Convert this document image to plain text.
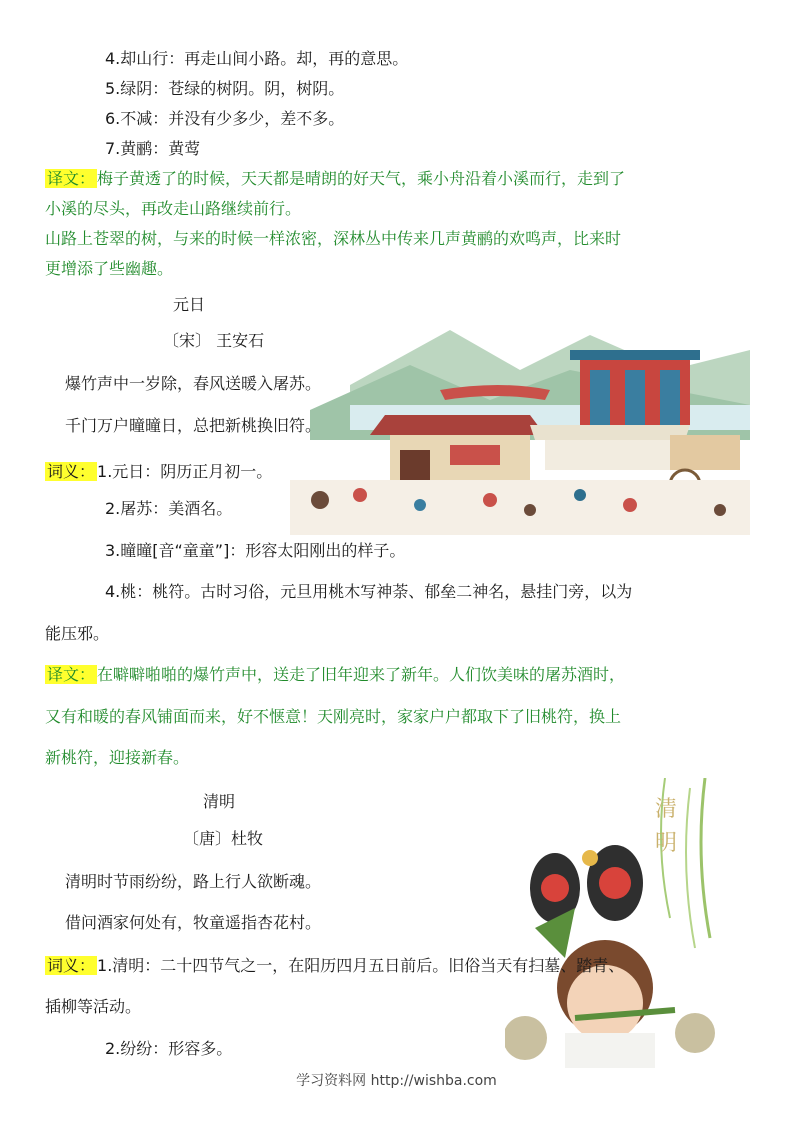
4.却山行：再走山间小路。却，再的意思。
5.绿阴：苍绿的树阴。阴，树阴。
6.不减：并没有少多少，差不多。
7.黄鹂：黄莺
译文： 梅子黄透了的时候，天天都是晴朗的好天气，乘小舟沿着小溪而行，走到了
小溪的尽头，再改走山路继续前行。
山路上苍翠的树，与来的时候一样浓密，深林丛中传来几声黄鹂的欢鸣声，比来时
更增添了些幽趣。
元日
〔宋〕 王安石
爆竹声中一岁除，春风送暖入屠苏。
千门万户曈曈日，总把新桃换旧符。
词义： 1.元日：阴历正月初一。
2.屠苏：美酒名。
3.曈曈[音“童童”]：形容太阳刚出的样子。
4.桃：桃符。古时习俗，元旦用桃木写神荼、郁垒二神名，悬挂门旁，以为
能压邪。
译文： 在噼噼啪啪的爆竹声中，送走了旧年迎来了新年。人们饮美味的屠苏酒时，
又有和暖的春风铺面而来，好不惬意！天刚亮时，家家户户都取下了旧桃符，换上
新桃符，迎接新春。
清明
清明
〔唐〕杜牧
清明时节雨纷纷，路上行人欲断魂。
借问酒家何处有，牧童遥指杏花村。
词义： 1.清明：二十四节气之一，在阳历四月五日前后。旧俗当天有扫墓、踏青、
插柳等活动。
2.纷纷：形容多。
学习资料网 http://wishba.com
